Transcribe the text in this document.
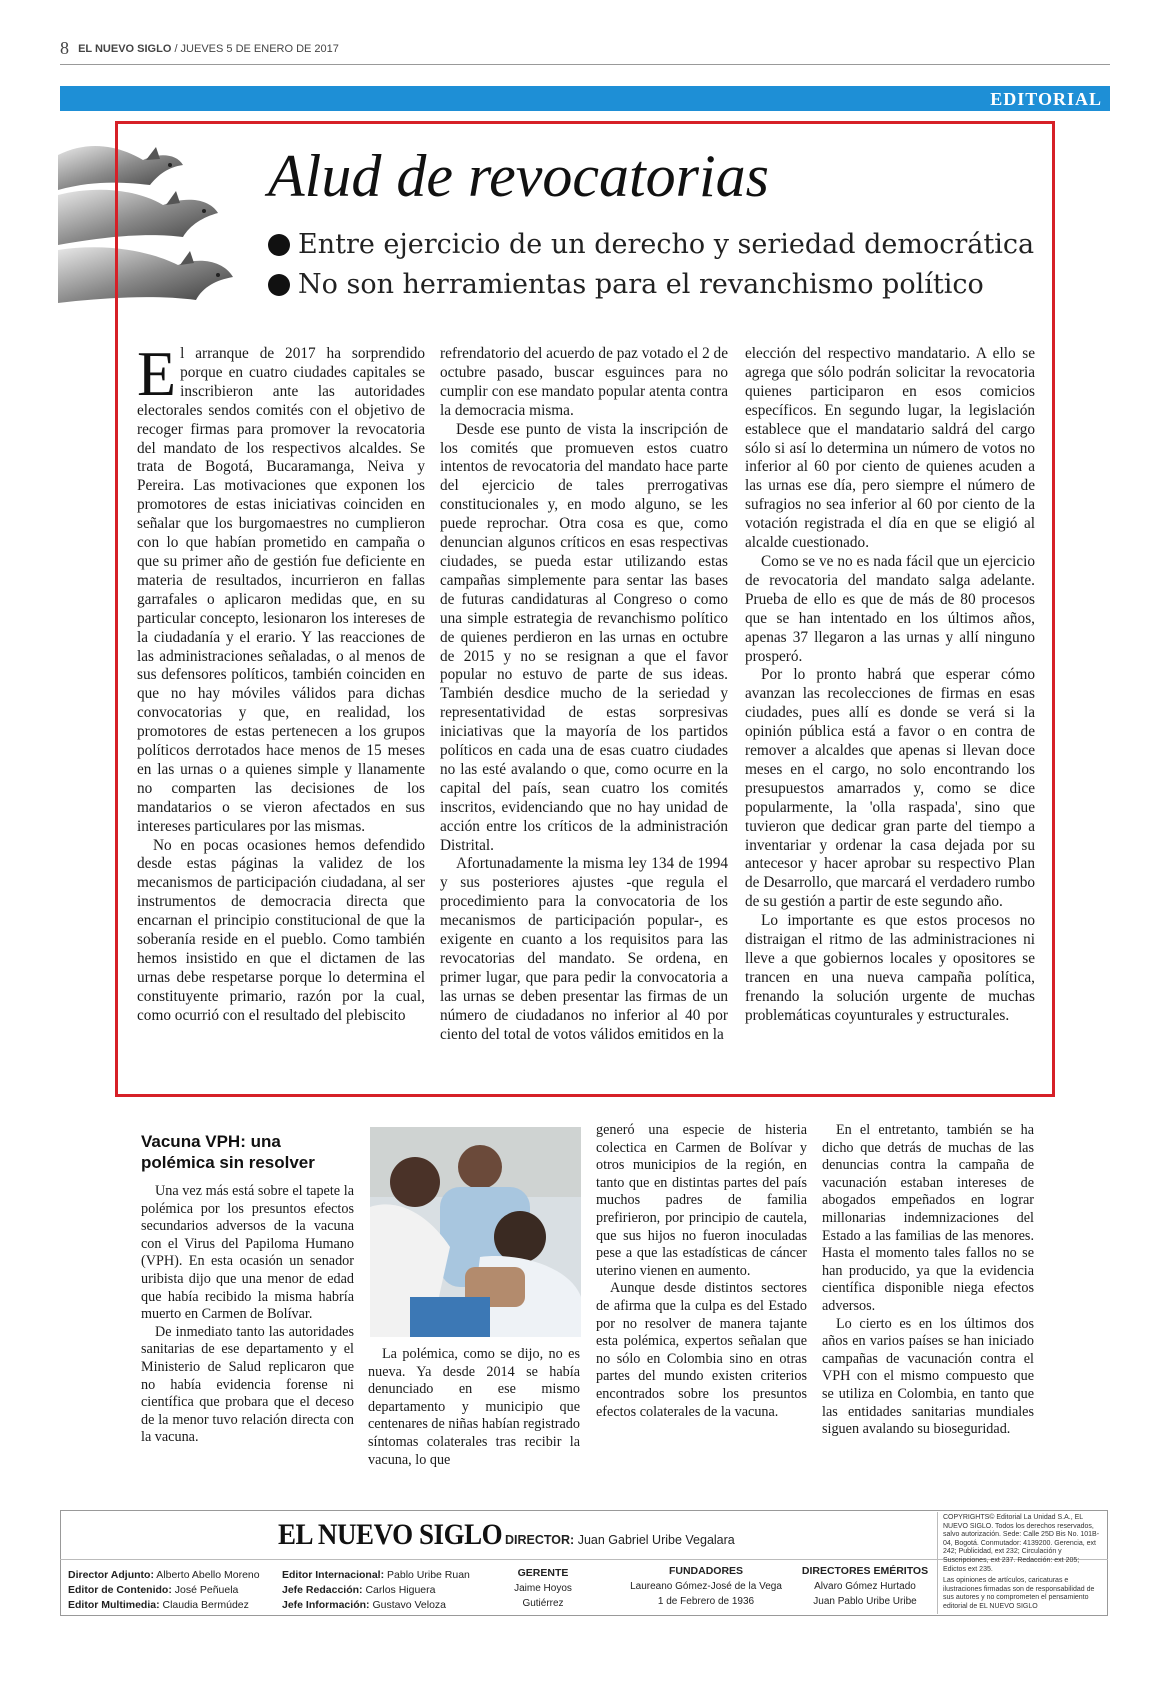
8 EL NUEVO SIGLO / JUEVES 5 DE ENERO DE 2017
EDITORIAL
Alud de revocatorias
Entre ejercicio de un derecho y seriedad democrática
No son herramientas para el revanchismo político

El arranque de 2017 ha sorprendido porque en cuatro ciudades capitales se inscribieron ante las autoridades electorales sendos comités con el objetivo de recoger firmas para promover la revocatoria del mandato de los respectivos alcaldes. Se trata de Bogotá, Bucaramanga, Neiva y Pereira. Las motivaciones que exponen los promotores de estas iniciativas coinciden en señalar que los burgomaestres no cumplieron con lo que habían prometido en campaña o que su primer año de gestión fue deficiente en materia de resultados, incurrieron en fallas garrafales o aplicaron medidas que, en su particular concepto, lesionaron los intereses de la ciudadanía y el erario. Y las reacciones de las administraciones señaladas, o al menos de sus defensores políticos, también coinciden en que no hay móviles válidos para dichas convocatorias y que, en realidad, los promotores de estas pertenecen a los grupos políticos derrotados hace menos de 15 meses en las urnas o a quienes simple y llanamente no comparten las decisiones de los mandatarios o se vieron afectados en sus intereses particulares por las mismas.

No en pocas ocasiones hemos defendido desde estas páginas la validez de los mecanismos de participación ciudadana, al ser instrumentos de democracia directa que encarnan el principio constitucional de que la soberanía reside en el pueblo. Como también hemos insistido en que el dictamen de las urnas debe respetarse porque lo determina el constituyente primario, razón por la cual, como ocurrió con el resultado del plebiscito

refrendatorio del acuerdo de paz votado el 2 de octubre pasado, buscar esguinces para no cumplir con ese mandato popular atenta contra la democracia misma.

Desde ese punto de vista la inscripción de los comités que promueven estos cuatro intentos de revocatoria del mandato hace parte del ejercicio de tales prerrogativas constitucionales y, en modo alguno, se les puede reprochar. Otra cosa es que, como denuncian algunos críticos en esas respectivas ciudades, se pueda estar utilizando estas campañas simplemente para sentar las bases de futuras candidaturas al Congreso o como una simple estrategia de revanchismo político de quienes perdieron en las urnas en octubre de 2015 y no se resignan a que el favor popular no estuvo de parte de sus ideas. También desdice mucho de la seriedad y representatividad de estas sorpresivas iniciativas que la mayoría de los partidos políticos en cada una de esas cuatro ciudades no las esté avalando o que, como ocurre en la capital del país, sean cuatro los comités inscritos, evidenciando que no hay unidad de acción entre los críticos de la administración Distrital.

Afortunadamente la misma ley 134 de 1994 y sus posteriores ajustes -que regula el procedimiento para la convocatoria de los mecanismos de participación popular-, es exigente en cuanto a los requisitos para las revocatorias del mandato. Se ordena, en primer lugar, que para pedir la convocatoria a las urnas se deben presentar las firmas de un número de ciudadanos no inferior al 40 por ciento del total de votos válidos emitidos en la

elección del respectivo mandatario. A ello se agrega que sólo podrán solicitar la revocatoria quienes participaron en esos comicios específicos. En segundo lugar, la legislación establece que el mandatario saldrá del cargo sólo si así lo determina un número de votos no inferior al 60 por ciento de quienes acuden a las urnas ese día, pero siempre el número de sufragios no sea inferior al 60 por ciento de la votación registrada el día en que se eligió al alcalde cuestionado.

Como se ve no es nada fácil que un ejercicio de revocatoria del mandato salga adelante. Prueba de ello es que de más de 80 procesos que se han intentado en los últimos años, apenas 37 llegaron a las urnas y allí ninguno prosperó.

Por lo pronto habrá que esperar cómo avanzan las recolecciones de firmas en esas ciudades, pues allí es donde se verá si la opinión pública está a favor o en contra de remover a alcaldes que apenas si llevan doce meses en el cargo, no solo encontrando los presupuestos amarrados y, como se dice popularmente, la 'olla raspada', sino que tuvieron que dedicar gran parte del tiempo a inventariar y ordenar la casa dejada por su antecesor y hacer aprobar su respectivo Plan de Desarrollo, que marcará el verdadero rumbo de su gestión a partir de este segundo año.

Lo importante es que estos procesos no distraigan el ritmo de las administraciones ni lleve a que gobiernos locales y opositores se trancen en una nueva campaña política, frenando la solución urgente de muchas problemáticas coyunturales y estructurales.

Vacuna VPH: una polémica sin resolver

Una vez más está sobre el tapete la polémica por los presuntos efectos secundarios adversos de la vacuna con el Virus del Papiloma Humano (VPH). En esta ocasión un senador uribista dijo que una menor de edad que había recibido la misma habría muerto en Carmen de Bolívar.

De inmediato tanto las autoridades sanitarias de ese departamento y el Ministerio de Salud replicaron que no había evidencia forense ni científica que probara que el deceso de la menor tuvo relación directa con la vacuna.

La polémica, como se dijo, no es nueva. Ya desde 2014 se había denunciado en ese mismo departamento y municipio que centenares de niñas habían registrado síntomas colaterales tras recibir la vacuna, lo que

generó una especie de histeria colectica en Carmen de Bolívar y otros municipios de la región, en tanto que en distintas partes del país muchos padres de familia prefirieron, por principio de cautela, que sus hijos no fueron inoculadas pese a que las estadísticas de cáncer uterino vienen en aumento.

Aunque desde distintos sectores de afirma que la culpa es del Estado por no resolver de manera tajante esta polémica, expertos señalan que no sólo en Colombia sino en otras partes del mundo existen criterios encontrados sobre los presuntos efectos colaterales de la vacuna.

En el entretanto, también se ha dicho que detrás de muchas de las denuncias contra la campaña de vacunación estaban intereses de abogados empeñados en lograr millonarias indemnizaciones del Estado a las familias de las menores. Hasta el momento tales fallos no se han producido, ya que la evidencia científica disponible niega efectos adversos.

Lo cierto es en los últimos dos años en varios países se han iniciado campañas de vacunación contra el VPH con el mismo compuesto que se utiliza en Colombia, en tanto que las entidades sanitarias mundiales siguen avalando su bioseguridad.

EL NUEVO SIGLO DIRECTOR: Juan Gabriel Uribe Vegalara
COPYRIGHTS© Editorial La Unidad S.A., EL NUEVO SIGLO. Todos los derechos reservados, salvo autorización. Sede: Calle 25D Bis No. 101B-04, Bogotá. Conmutador: 4139200. Gerencia, ext 242; Publicidad, ext 232; Circulación y Suscripciones, ext 237. Redacción: ext 205; Edictos ext 235.
Las opiniones de artículos, caricaturas e ilustraciones firmadas son de responsabilidad de sus autores y no comprometen el pensamiento editorial de EL NUEVO SIGLO
Director Adjunto: Alberto Abello Moreno
Editor de Contenido: José Peñuela
Editor Multimedia: Claudia Bermúdez
Editor Internacional: Pablo Uribe Ruan
Jefe Redacción: Carlos Higuera
Jefe Información: Gustavo Veloza
GERENTE
Jaime Hoyos
Gutiérrez
FUNDADORES
Laureano Gómez-José de la Vega
1 de Febrero de 1936
DIRECTORES EMÉRITOS
Alvaro Gómez Hurtado
Juan Pablo Uribe Uribe
